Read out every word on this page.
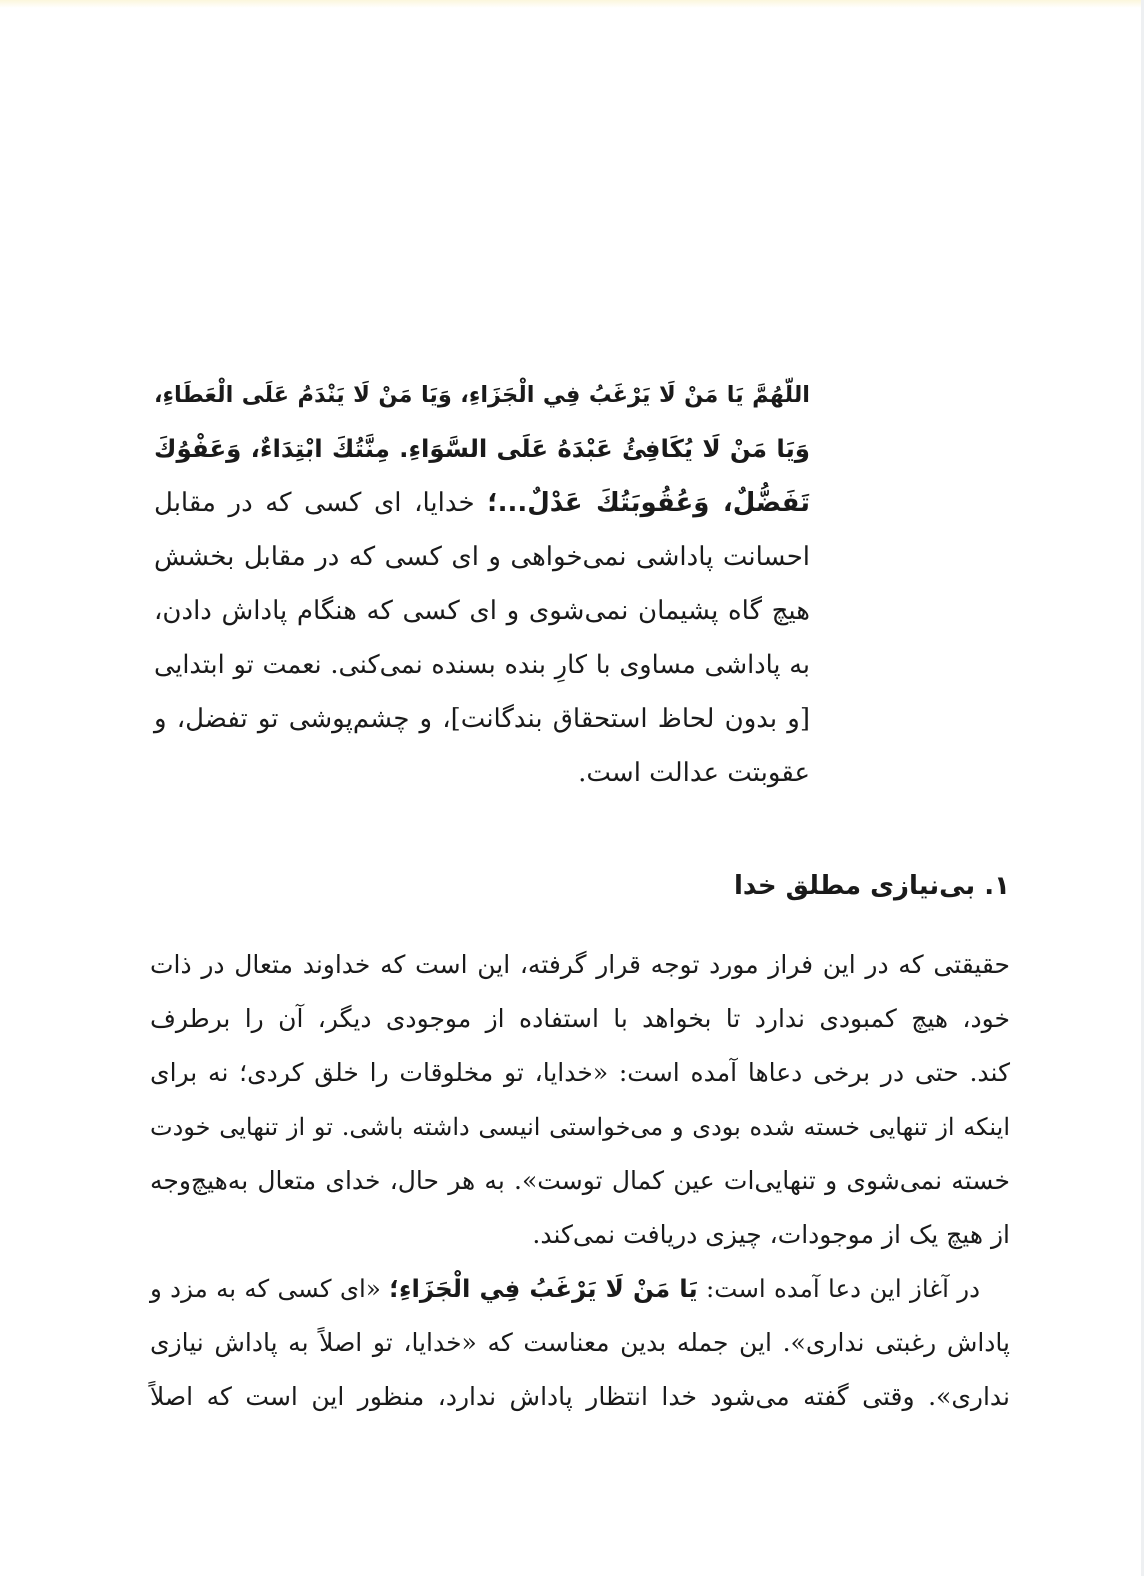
اللّهُمَّ يَا مَنْ لَا يَرْغَبُ فِي الْجَزَاءِ، وَيَا مَنْ لَا يَنْدَمُ عَلَى الْعَطَاءِ،
وَيَا مَنْ لَا يُكَافِئُ عَبْدَهُ عَلَى السَّوَاءِ. مِنَّتُكَ ابْتِدَاءٌ، وَعَفْوُكَ
تَفَضُّلٌ، وَعُقُوبَتُكَ عَدْلٌ...؛ خدایا، ای کسی که در مقابل
احسانت پاداشی نمی‌خواهی و ای کسی که در مقابل بخشش
هیچ گاه پشیمان نمی‌شوی و ای کسی که هنگام پاداش دادن،
به پاداشی مساوی با کارِ بنده بسنده نمی‌کنی. نعمت تو ابتدایی
[و بدون لحاظ استحقاق بندگانت]، و چشم‌پوشی تو تفضل، و
عقوبتت عدالت است.
۱. بی‌نیازی مطلق خدا
حقیقتی که در این فراز مورد توجه قرار گرفته، این است که خداوند متعال در ذات
خود، هیچ کمبودی ندارد تا بخواهد با استفاده از موجودی دیگر، آن را برطرف
کند. حتی در برخی دعاها آمده است: «خدایا، تو مخلوقات را خلق کردی؛ نه برای
اینکه از تنهایی خسته شده بودی و می‌خواستی انیسی داشته باشی. تو از تنهایی خودت
خسته نمی‌شوی و تنهایی‌ات عین کمال توست». به هر حال، خدای متعال به‌هیچ‌وجه
از هیچ یک از موجودات، چیزی دریافت نمی‌کند.
در آغاز این دعا آمده است: يَا مَنْ لَا يَرْغَبُ فِي الْجَزَاءِ؛ «ای کسی که به مزد و
پاداش رغبتی نداری». این جمله بدین معناست که «خدایا، تو اصلاً به پاداش نیازی
نداری». وقتی گفته می‌شود خدا انتظار پاداش ندارد، منظور این است که اصلاً
